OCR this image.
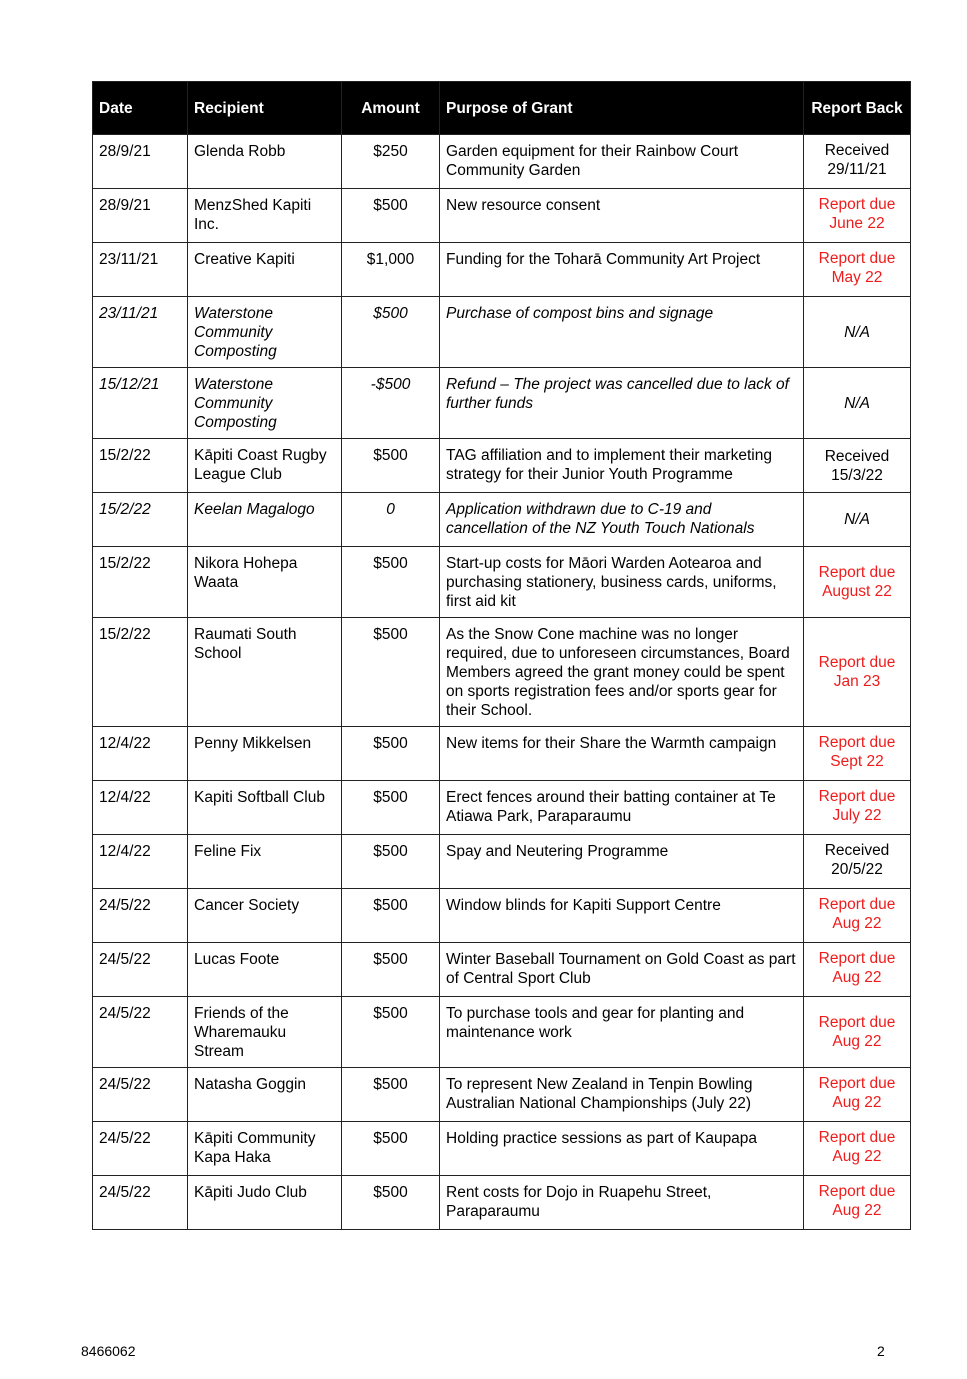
Date	Recipient	Amount	Purpose of Grant	Report Back
28/9/21	Glenda Robb	$250	Garden equipment for their Rainbow Court Community Garden	Received 29/11/21
28/9/21	MenzShed Kapiti Inc.	$500	New resource consent	Report due June 22
23/11/21	Creative Kapiti	$1,000	Funding for the Toharā Community Art Project	Report due May 22
23/11/21	Waterstone Community Composting	$500	Purchase of compost bins and signage	N/A
15/12/21	Waterstone Community Composting	-$500	Refund – The project was cancelled due to lack of further funds	N/A
15/2/22	Kāpiti Coast Rugby League Club	$500	TAG affiliation and to implement their marketing strategy for their Junior Youth Programme	Received 15/3/22
15/2/22	Keelan Magalogo	0	Application withdrawn due to C-19 and cancellation of the NZ Youth Touch Nationals	N/A
15/2/22	Nikora Hohepa Waata	$500	Start-up costs for Māori Warden Aotearoa and purchasing stationery, business cards, uniforms, first aid kit	Report due August 22
15/2/22	Raumati South School	$500	As the Snow Cone machine was no longer required, due to unforeseen circumstances, Board Members agreed the grant money could be spent on sports registration fees and/or sports gear for their School.	Report due Jan 23
12/4/22	Penny Mikkelsen	$500	New items for their Share the Warmth campaign	Report due Sept 22
12/4/22	Kapiti Softball Club	$500	Erect fences around their batting container at Te Atiawa Park, Paraparaumu	Report due July 22
12/4/22	Feline Fix	$500	Spay and Neutering Programme	Received 20/5/22
24/5/22	Cancer Society	$500	Window blinds for Kapiti Support Centre	Report due Aug 22
24/5/22	Lucas Foote	$500	Winter Baseball Tournament on Gold Coast as part of Central Sport Club	Report due Aug 22
24/5/22	Friends of the Wharemauku Stream	$500	To purchase tools and gear for planting and maintenance work	Report due Aug 22
24/5/22	Natasha Goggin	$500	To represent New Zealand in Tenpin Bowling Australian National Championships (July 22)	Report due Aug 22
24/5/22	Kāpiti Community Kapa Haka	$500	Holding practice sessions as part of Kaupapa	Report due Aug 22
24/5/22	Kāpiti Judo Club	$500	Rent costs for Dojo in Ruapehu Street, Paraparaumu	Report due Aug 22
8466062	2
